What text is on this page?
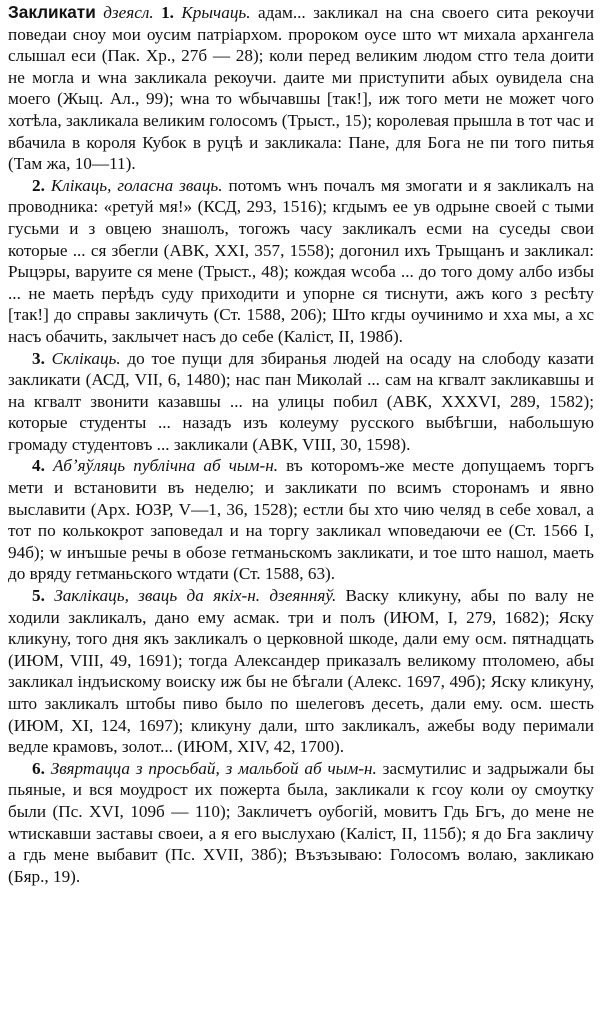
Закликати дзеясл. 1. Крычаць. адам... закликал на сна своего сита рекоучи поведаи сноу мои оусим патріархом. пророком оусе што wт михала архангела слышал еси (Пак. Хр., 27б — 28); коли перед великим людом стго тела доити не могла и wна закликала рекоучи. даите ми приступити абых оувидела сна моего (Жыц. Ал., 99); wна то wбычавшы [так!], иж того мети не может чого хотѣла, закликала великим голосомъ (Трыст., 15); королевая прышла в тот час и вбачила в короля Кубок в руцѣ и закликала: Пане, для Бога не пи того питья (Там жа, 10—11).

2. Клікаць, голасна зваць. потомъ wнъ почалъ мя змогати и я закликалъ на проводника: «ретуй мя!» (КСД, 293, 1516); кгдымъ ее ув одрыне своей с тыми гусьми и з овцею знашолъ, тогожъ часу закликалъ есми на суседы свои которые ... ся збегли (АВК, XXI, 357, 1558); догонил ихъ Трыщанъ и закликал: Рыцэры, варуите ся мене (Трыст., 48); кождая wсоба ... до того дому албо избы ... не маеть перѣдъ суду приходити и упорне ся тиснути, ажъ кого з ресѣту [так!] до справы закличуть (Ст. 1588, 206); Што кгды оучинимо и хха мы, а хс насъ обачить, заклычет насъ до себе (Каліст, II, 198б).

3. Склікаць. до тое пущи для збиранья людей на осаду на слободу казати закликати (АСД, VII, 6, 1480); нас пан Миколай ... сам на кгвалт закликавшы и на кгвалт звонити казавшы ... на улицы побил (АВК, XXXVI, 289, 1582); которые студенты ... назадъ изъ колеуму русского выбѣгши, набольшую громаду студентовъ ... закликали (АВК, VIII, 30, 1598).

4. Абʼяўляць публічна аб чым-н. въ которомъ-же месте допущаемъ торгъ мети и встановити въ неделю; и закликати по всимъ сторонамъ и явно выславити (Арх. ЮЗР, V—1, 36, 1528); естли бы хто чию челяд в себе ховал, а тот по колькокрот заповедал и на торгу закликал wповедаючи ее (Ст. 1566 I, 94б); w инъшые речы в обозе гетманьскомъ закликати, и тое што нашол, маеть до вряду гетманьского wтдати (Ст. 1588, 63).

5. Заклікаць, зваць да якіх-н. дзеянняў. Васку кликуну, абы по валу не ходили закликалъ, дано ему асмак. три и полъ (ИЮМ, I, 279, 1682); Яску кликуну, того дня якъ закликалъ о церковной шкоде, дали ему осм. пятнадцать (ИЮМ, VIII, 49, 1691); тогда Александер приказалъ великому птоломею, абы закликал індъискому воиску иж бы не бѣгали (Алекс. 1697, 49б); Яску кликуну, што закликалъ штобы пиво было по шелеговъ десеть, дали ему. осм. шесть (ИЮМ, XI, 124, 1697); кликуну дали, што закликалъ, ажебы воду перимали ведле крамовъ, золот... (ИЮМ, XIV, 42, 1700).

6. Звяртацца з просьбай, з мальбой аб чым-н. засмутилис и задрыжали бы пьяные, и вся моудрост их пожерта была, закликали к гсоу коли оу смоутку были (Пс. XVI, 109б — 110); Закличетъ оубогій, мовитъ Гдь Бгъ, до мене не wтискавши заставы своеи, а я его выслухаю (Каліст, II, 115б); я до Бга закличу а гдь мене выбавит (Пс. XVII, 38б); Възъзываю: Голосомъ волаю, закликаю (Бяр., 19).
